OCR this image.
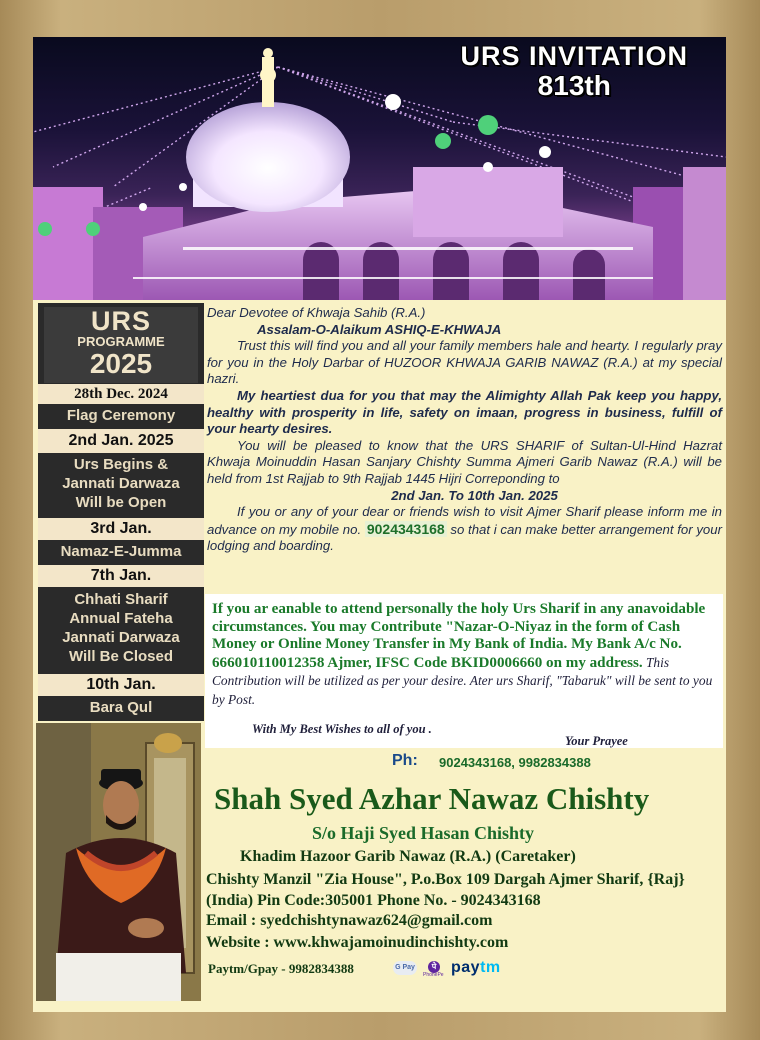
URS INVITATION
813th
URS
PROGRAMME
2025
28th Dec. 2024
Flag Ceremony
2nd Jan. 2025
Urs Begins &
Jannati Darwaza
Will be Open
3rd Jan.
Namaz-E-Jumma
7th Jan.
Chhati Sharif
Annual Fateha
Jannati Darwaza
Will Be Closed
10th Jan.
Bara Qul

Dear Devotee of Khwaja Sahib (R.A.)

Assalam-O-Alaikum ASHIQ-E-KHWAJA

Trust this will find you and all your family members hale and hearty. I regularly pray for you in the Holy Darbar of HUZOOR KHWAJA GARIB NAWAZ (R.A.) at my special hazri.

My heartiest dua for you that may the Alimighty Allah Pak keep you happy, healthy with prosperity in life, safety on imaan, progress in business, fulfill of your hearty desires.

You will be pleased to know that the URS SHARIF of Sultan-Ul-Hind Hazrat Khwaja Moinuddin Hasan Sanjary Chishty Summa Ajmeri Garib Nawaz (R.A.) will be held from 1st Rajjab to 9th Rajjab 1445 Hijri Correponding to

2nd Jan. To 10th Jan. 2025

If you or any of your dear or friends wish to visit Ajmer Sharif please inform me in advance on my mobile no. 9024343168 so that i can make better arrangement for your lodging and boarding.

If you ar eanable to attend personally the holy Urs Sharif in any anavoidable circumstances. You may Contribute "Nazar-O-Niyaz in the form of Cash Money or Online Money Transfer in My Bank of India. My Bank A/c No. 666010110012358 Ajmer, IFSC Code BKID0006660 on my address. This Contribution will be utilized as per your desire. Ater urs Sharif, "Tabaruk" will be sent to you by Post.
With My Best Wishes to all of you .
Your Prayee
Ph: 9024343168, 9982834388
Shah Syed Azhar Nawaz Chishty
S/o Haji Syed Hasan Chishty
Khadim Hazoor Garib Nawaz (R.A.) (Caretaker)
Chishty Manzil "Zia House", P.o.Box 109 Dargah Ajmer Sharif, {Raj} (India) Pin Code:305001 Phone No. - 9024343168
Email : syedchishtynawaz624@gmail.com
Website : www.khwajamoinudinchishty.com
Paytm/Gpay - 9982834388	G Pay	पे
PhonePe paytm
